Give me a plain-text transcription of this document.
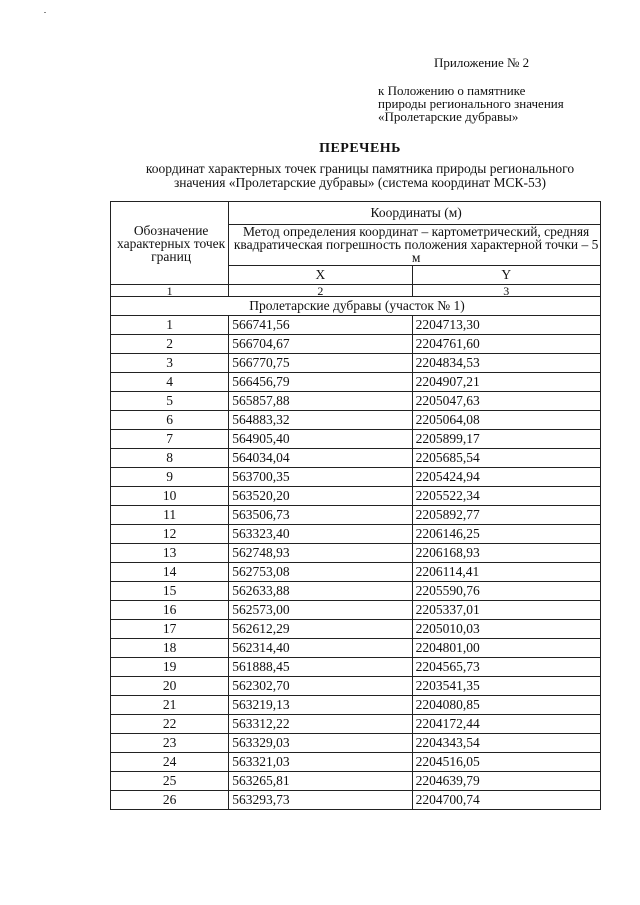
Приложение № 2
к Положению о памятнике
природы регионального значения
«Пролетарские дубравы»
ПЕРЕЧЕНЬ
координат характерных точек границы памятника природы регионального
значения «Пролетарские дубравы» (система координат МСК-53)
Обозначение характерных точек границ	Координаты (м)	
	Метод определения координат – картометрический, средняя квадратическая погрешность положения характерной точки – 5 м	
	X	Y
1	2	3
Пролетарские дубравы (участок № 1)		
1	566741,56	2204713,30
2	566704,67	2204761,60
3	566770,75	2204834,53
4	566456,79	2204907,21
5	565857,88	2205047,63
6	564883,32	2205064,08
7	564905,40	2205899,17
8	564034,04	2205685,54
9	563700,35	2205424,94
10	563520,20	2205522,34
11	563506,73	2205892,77
12	563323,40	2206146,25
13	562748,93	2206168,93
14	562753,08	2206114,41
15	562633,88	2205590,76
16	562573,00	2205337,01
17	562612,29	2205010,03
18	562314,40	2204801,00
19	561888,45	2204565,73
20	562302,70	2203541,35
21	563219,13	2204080,85
22	563312,22	2204172,44
23	563329,03	2204343,54
24	563321,03	2204516,05
25	563265,81	2204639,79
26	563293,73	2204700,74
